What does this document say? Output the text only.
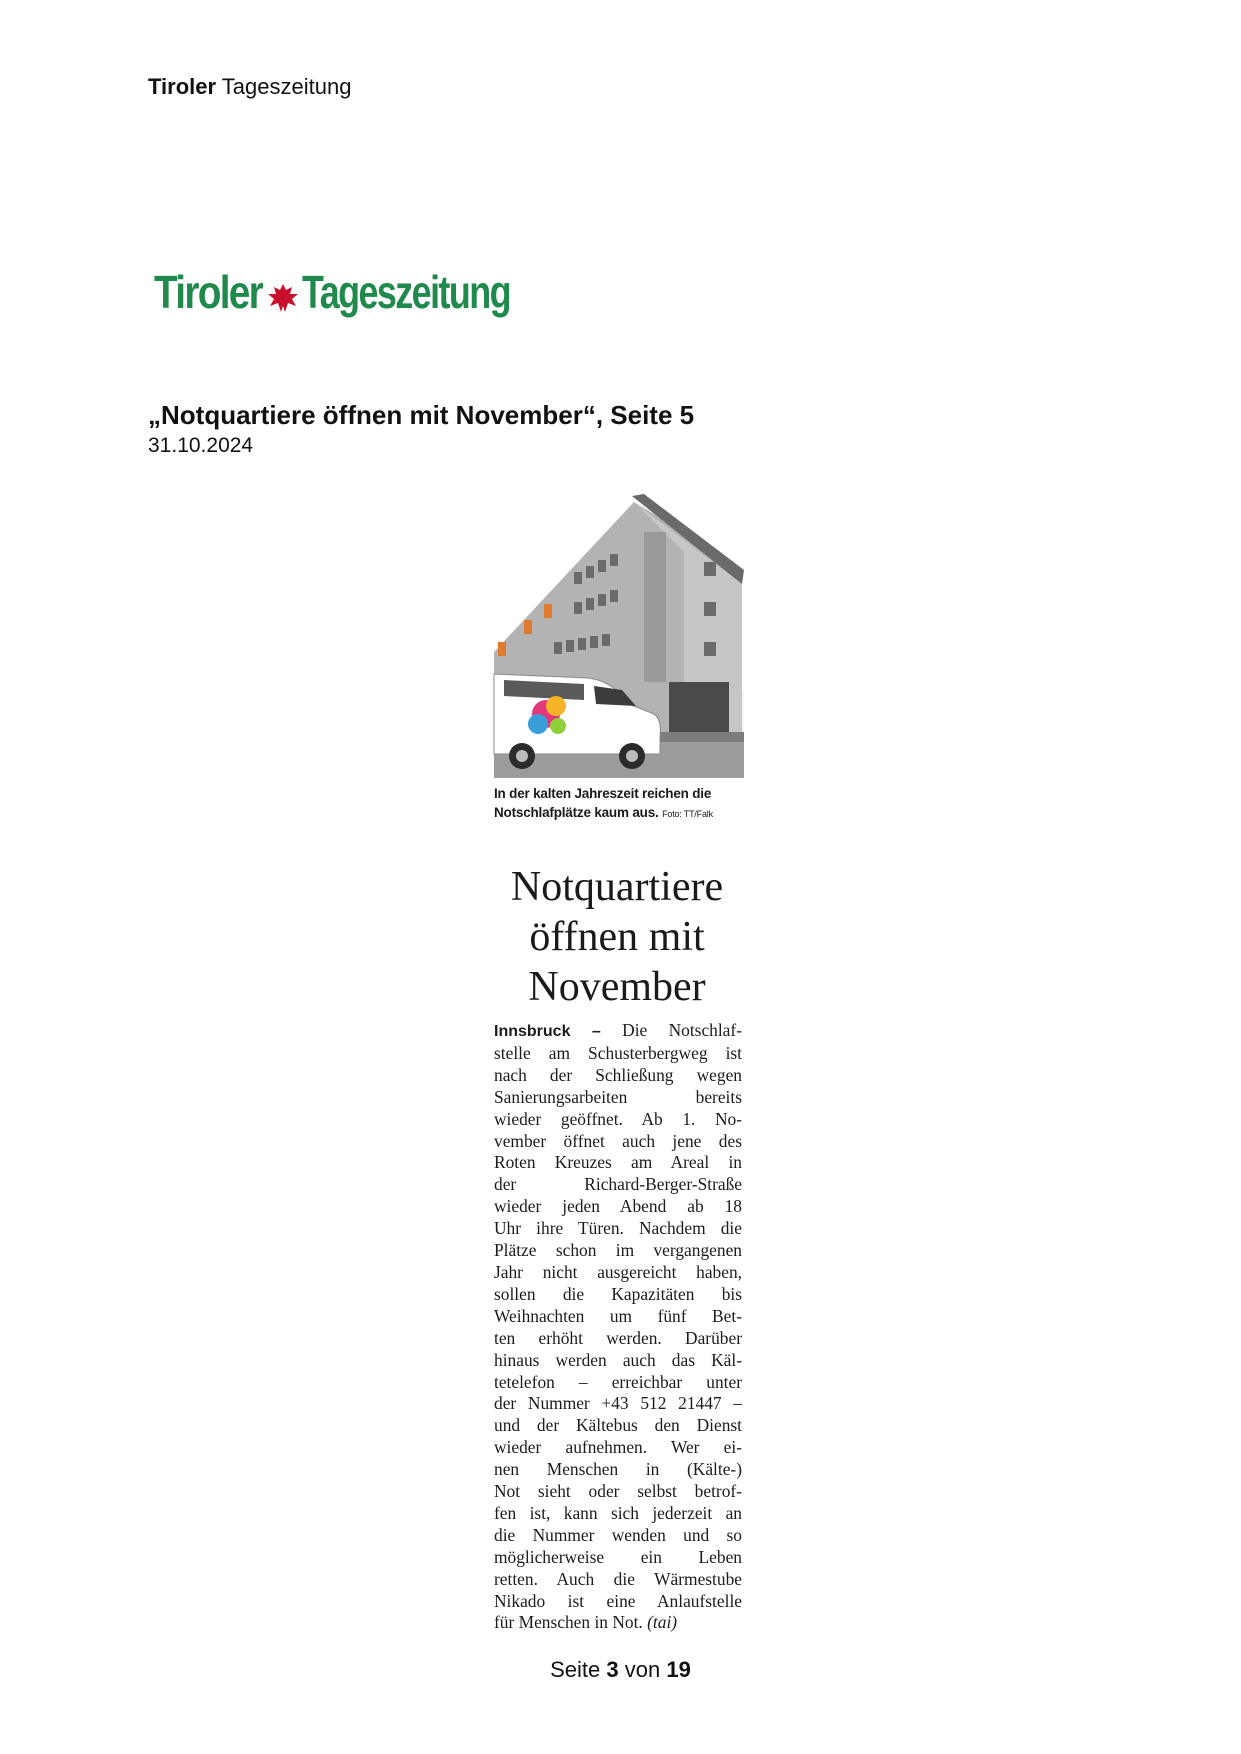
Tiroler Tageszeitung
Tiroler Tageszeitung
„Notquartiere öffnen mit November“, Seite 5
31.10.2024
In der kalten Jahreszeit reichen die Notschlafplätze kaum aus. Foto: TT/Falk
Notquartiere
öffnen mit
November
Innsbruck – Die Notschlaf-
stelle am Schusterbergweg ist
nach der Schließung wegen
Sanierungsarbeiten bereits
wieder geöffnet. Ab 1. No-
vember öffnet auch jene des
Roten Kreuzes am Areal in
der Richard-Berger-Straße
wieder jeden Abend ab 18
Uhr ihre Türen. Nachdem die
Plätze schon im vergangenen
Jahr nicht ausgereicht haben,
sollen die Kapazitäten bis
Weihnachten um fünf Bet-
ten erhöht werden. Darüber
hinaus werden auch das Käl-
tetelefon – erreichbar unter
der Nummer +43 512 21447 –
und der Kältebus den Dienst
wieder aufnehmen. Wer ei-
nen Menschen in (Kälte-)
Not sieht oder selbst betrof-
fen ist, kann sich jederzeit an
die Nummer wenden und so
möglicherweise ein Leben
retten. Auch die Wärmestube
Nikado ist eine Anlaufstelle
für Menschen in Not. (tai)
Seite 3 von 19
